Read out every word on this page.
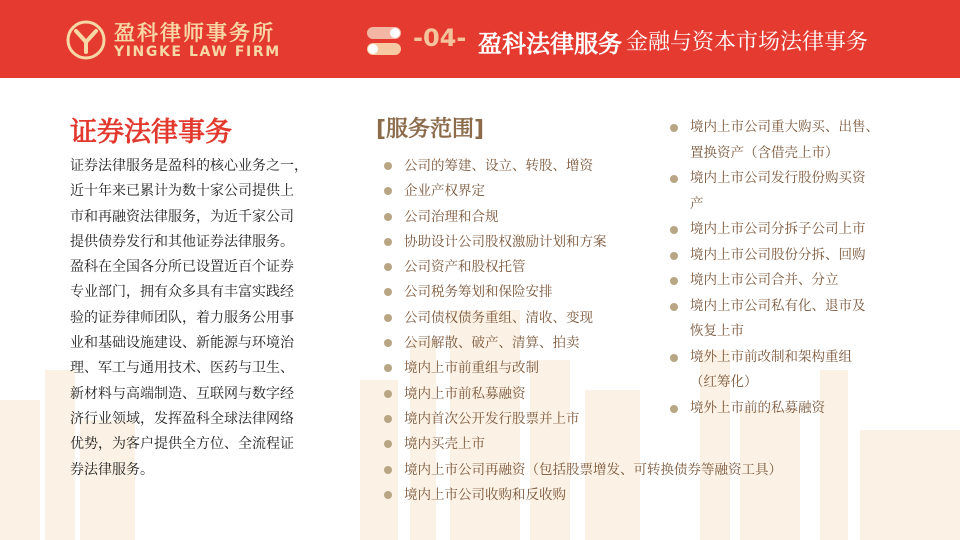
盈科律师事务所
YINGKE LAW FIRM	-04- 盈科法律服务 金融与资本市场法律事务
证券法律事务
证券法律服务是盈科的核心业务之一，
近十年来已累计为数十家公司提供上
市和再融资法律服务，为近千家公司
提供债券发行和其他证券法律服务。
盈科在全国各分所已设置近百个证券
专业部门，拥有众多具有丰富实践经
验的证券律师团队，着力服务公用事
业和基础设施建设、新能源与环境治
理、军工与通用技术、医药与卫生、
新材料与高端制造、互联网与数字经
济行业领域，发挥盈科全球法律网络
优势，为客户提供全方位、全流程证
券法律服务。
[服务范围]
公司的筹建、设立、转股、增资
企业产权界定
公司治理和合规
协助设计公司股权激励计划和方案
公司资产和股权托管
公司税务筹划和保险安排
公司债权债务重组、清收、变现
公司解散、破产、清算、拍卖
境内上市前重组与改制
境内上市前私募融资
境内首次公开发行股票并上市
境内买壳上市
境内上市公司再融资（包括股票增发、可转换债券等融资工具）
境内上市公司收购和反收购
境内上市公司重大购买、出售、
置换资产（含借壳上市）
境内上市公司发行股份购买资
产
境内上市公司分拆子公司上市
境内上市公司股份分拆、回购
境内上市公司合并、分立
境内上市公司私有化、退市及
恢复上市
境外上市前改制和架构重组
（红筹化）
境外上市前的私募融资
